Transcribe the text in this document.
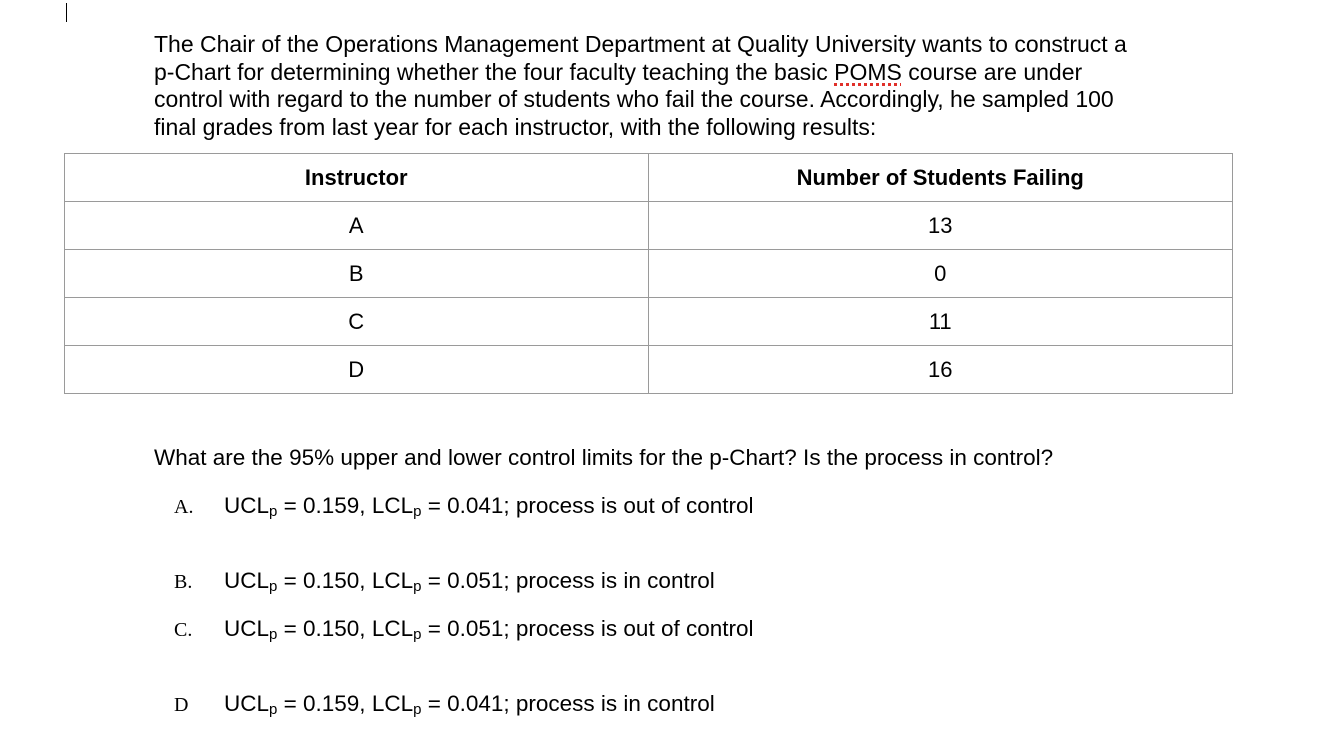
The Chair of the Operations Management Department at Quality University wants to construct a
p-Chart for determining whether the four faculty teaching the basic POMS course are under
control with regard to the number of students who fail the course. Accordingly, he sampled 100
final grades from last year for each instructor, with the following results:

Instructor	Number of Students Failing
A	13
B	0
C	11
D	16

What are the 95% upper and lower control limits for the p-Chart? Is the process in control?

A. $UCL_p = 0.159$, $LCL_p = 0.041$; process is out of control
B. $UCL_p = 0.150$, $LCL_p = 0.051$; process is in control
C. $UCL_p = 0.150$, $LCL_p = 0.051$; process is out of control
D $UCL_p = 0.159$, $LCL_p = 0.041$; process is in control
